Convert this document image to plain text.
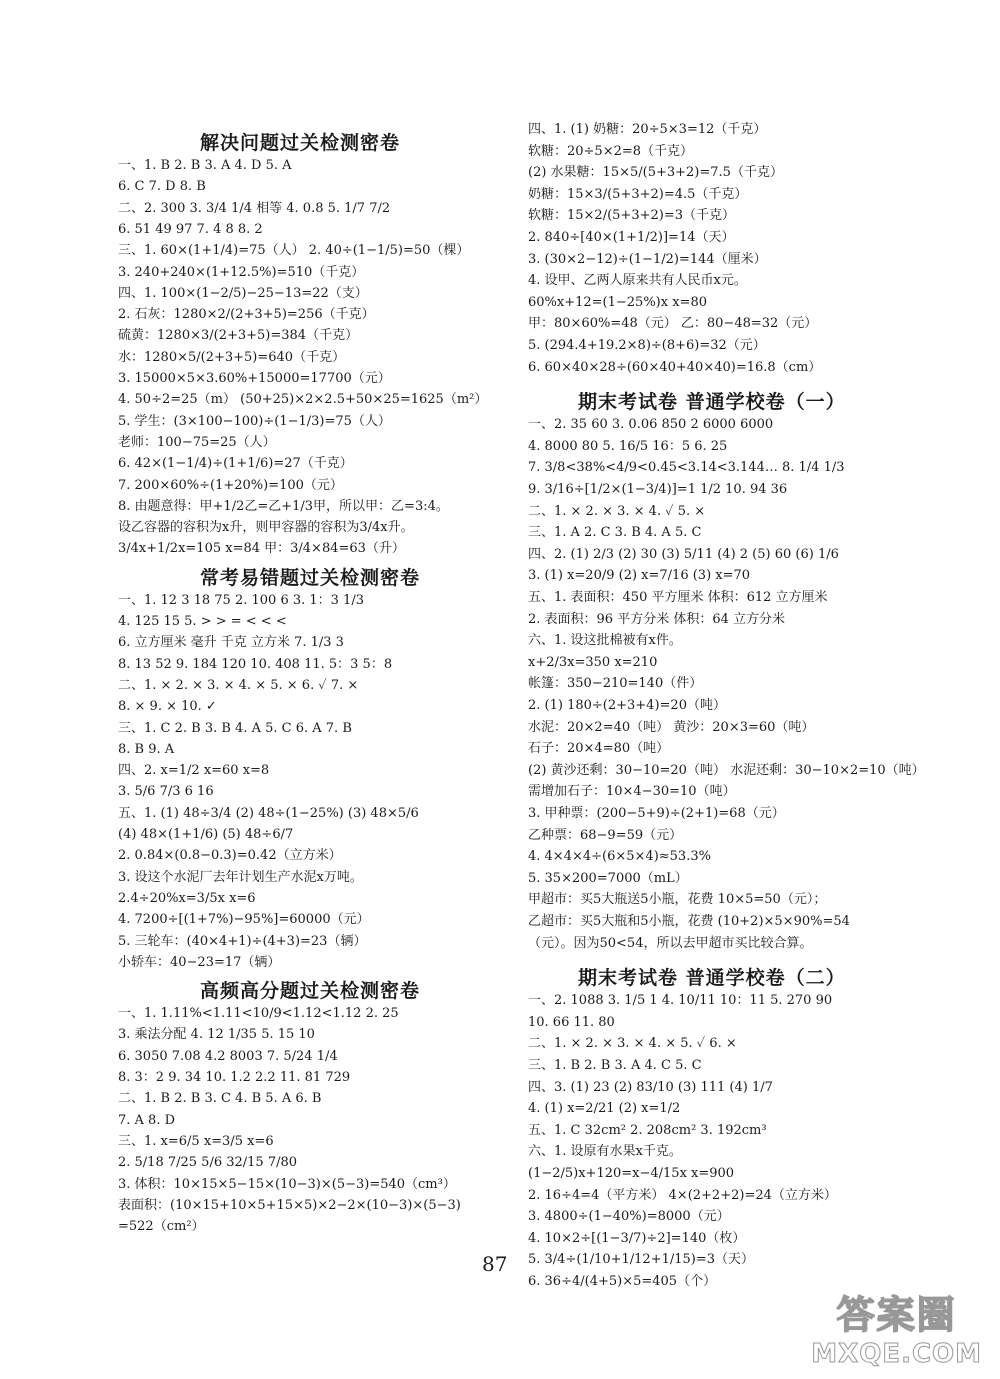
解决问题过关检测密卷
一、1. B 2. B 3. A 4. D 5. A
6. C 7. D 8. B
二、2. 300 3. 3/4 1/4 相等 4. 0.8 5. 1/7 7/2
6. 51 49 97 7. 4 8 8. 2
三、1. 60×(1+1/4)=75（人） 2. 40÷(1−1/5)=50（棵）
3. 240+240×(1+12.5%)=510（千克）
四、1. 100×(1−2/5)−25−13=22（支）
2. 石灰：1280×2/(2+3+5)=256（千克）
硫黄：1280×3/(2+3+5)=384（千克）
水：1280×5/(2+3+5)=640（千克）
3. 15000×5×3.60%+15000=17700（元）
4. 50÷2=25（m） (50+25)×2×2.5+50×25=1625（m²）
5. 学生：(3×100−100)÷(1−1/3)=75（人）
老师：100−75=25（人）
6. 42×(1−1/4)÷(1+1/6)=27（千克）
7. 200×60%÷(1+20%)=100（元）
8. 由题意得：甲+1/2乙=乙+1/3甲，所以甲：乙=3:4。
设乙容器的容积为x升，则甲容器的容积为3/4x升。
3/4x+1/2x=105 x=84 甲：3/4×84=63（升）
常考易错题过关检测密卷
一、1. 12 3 18 75 2. 100 6 3. 1：3 1/3
4. 125 15 5. > > = < < <
6. 立方厘米 毫升 千克 立方米 7. 1/3 3
8. 13 52 9. 184 120 10. 408 11. 5：3 5：8
二、1. × 2. × 3. × 4. × 5. × 6. ✓ 7. ×
8. × 9. × 10. ✓
三、1. C 2. B 3. B 4. A 5. C 6. A 7. B
8. B 9. A
四、2. x=1/2 x=60 x=8
3. 5/6 7/3 6 16
五、1. (1) 48÷3/4 (2) 48÷(1−25%) (3) 48×5/6
(4) 48×(1+1/6) (5) 48÷6/7
2. 0.84×(0.8−0.3)=0.42（立方米）
3. 设这个水泥厂去年计划生产水泥x万吨。
2.4÷20%x=3/5x x=6
4. 7200÷[(1+7%)−95%]=60000（元）
5. 三轮车：(40×4+1)÷(4+3)=23（辆）
小轿车：40−23=17（辆）
高频高分题过关检测密卷
一、1. 1.11%<1.11<10/9<1.12<1.12̇ 2. 25
3. 乘法分配 4. 12 1/35 5. 15 10
6. 3050 7.08 4.2 8003 7. 5/24 1/4
8. 3：2 9. 34 10. 1.2 2.2 11. 81 729
二、1. B 2. B 3. C 4. B 5. A 6. B
7. A 8. D
三、1. x=6/5 x=3/5 x=6
2. 5/18 7/25 5/6 32/15 7/80
3. 体积：10×15×5−15×(10−3)×(5−3)=540（cm³）
表面积：(10×15+10×5+15×5)×2−2×(10−3)×(5−3)
=522（cm²）
四、1. (1) 奶糖：20÷5×3=12（千克）
软糖：20÷5×2=8（千克）
(2) 水果糖：15×5/(5+3+2)=7.5（千克）
奶糖：15×3/(5+3+2)=4.5（千克）
软糖：15×2/(5+3+2)=3（千克）
2. 840÷[40×(1+1/2)]=14（天）
3. (30×2−12)÷(1−1/2)=144（厘米）
4. 设甲、乙两人原来共有人民币x元。
60%x+12=(1−25%)x x=80
甲：80×60%=48（元） 乙：80−48=32（元）
5. (294.4+19.2×8)÷(8+6)=32（元）
6. 60×40×28÷(60×40+40×40)=16.8（cm）
期末考试卷 普通学校卷（一）
一、2. 35 60 3. 0.06 850 2 6000 6000
4. 8000 80 5. 16/5 16：5 6. 25
7. 3/8<38%<4/9<0.45<3.14<3.144… 8. 1/4 1/3
9. 3/16÷[1/2×(1−3/4)]=1 1/2 10. 94 36
二、1. × 2. × 3. × 4. ✓ 5. ×
三、1. A 2. C 3. B 4. A 5. C
四、2. (1) 2/3 (2) 30 (3) 5/11 (4) 2 (5) 60 (6) 1/6
3. (1) x=20/9 (2) x=7/16 (3) x=70
五、1. 表面积：450 平方厘米 体积：612 立方厘米
2. 表面积：96 平方分米 体积：64 立方分米
六、1. 设这批棉被有x件。
x+2/3x=350 x=210
帐篷：350−210=140（件）
2. (1) 180÷(2+3+4)=20（吨）
水泥：20×2=40（吨） 黄沙：20×3=60（吨）
石子：20×4=80（吨）
(2) 黄沙还剩：30−10=20（吨） 水泥还剩：30−10×2=10（吨）
需增加石子：10×4−30=10（吨）
3. 甲种票：(200−5+9)÷(2+1)=68（元）
乙种票：68−9=59（元）
4. 4×4×4÷(6×5×4)≈53.3%
5. 35×200=7000（mL）
甲超市：买5大瓶送5小瓶，花费 10×5=50（元）；
乙超市：买5大瓶和5小瓶，花费 (10+2)×5×90%=54
（元）。因为50<54，所以去甲超市买比较合算。
期末考试卷 普通学校卷（二）
一、2. 1088 3. 1/5 1 4. 10/11 10：11 5. 270 90
10. 66 11. 80
二、1. × 2. × 3. × 4. × 5. ✓ 6. ×
三、1. B 2. B 3. A 4. C 5. C
四、3. (1) 23 (2) 83/10 (3) 111 (4) 1/7
4. (1) x=2/21 (2) x=1/2
五、1. C 32cm² 2. 208cm² 3. 192cm³
六、1. 设原有水果x千克。
(1−2/5)x+120=x−4/15x x=900
2. 16÷4=4（平方米） 4×(2+2+2)=24（立方米）
3. 4800÷(1−40%)=8000（元）
4. 10×2÷[(1−3/7)÷2]=140（枚）
5. 3/4÷(1/10+1/12+1/15)=3（天）
6. 36÷4/(4+5)×5=405（个）
87
答案圈
MXQE.COM
